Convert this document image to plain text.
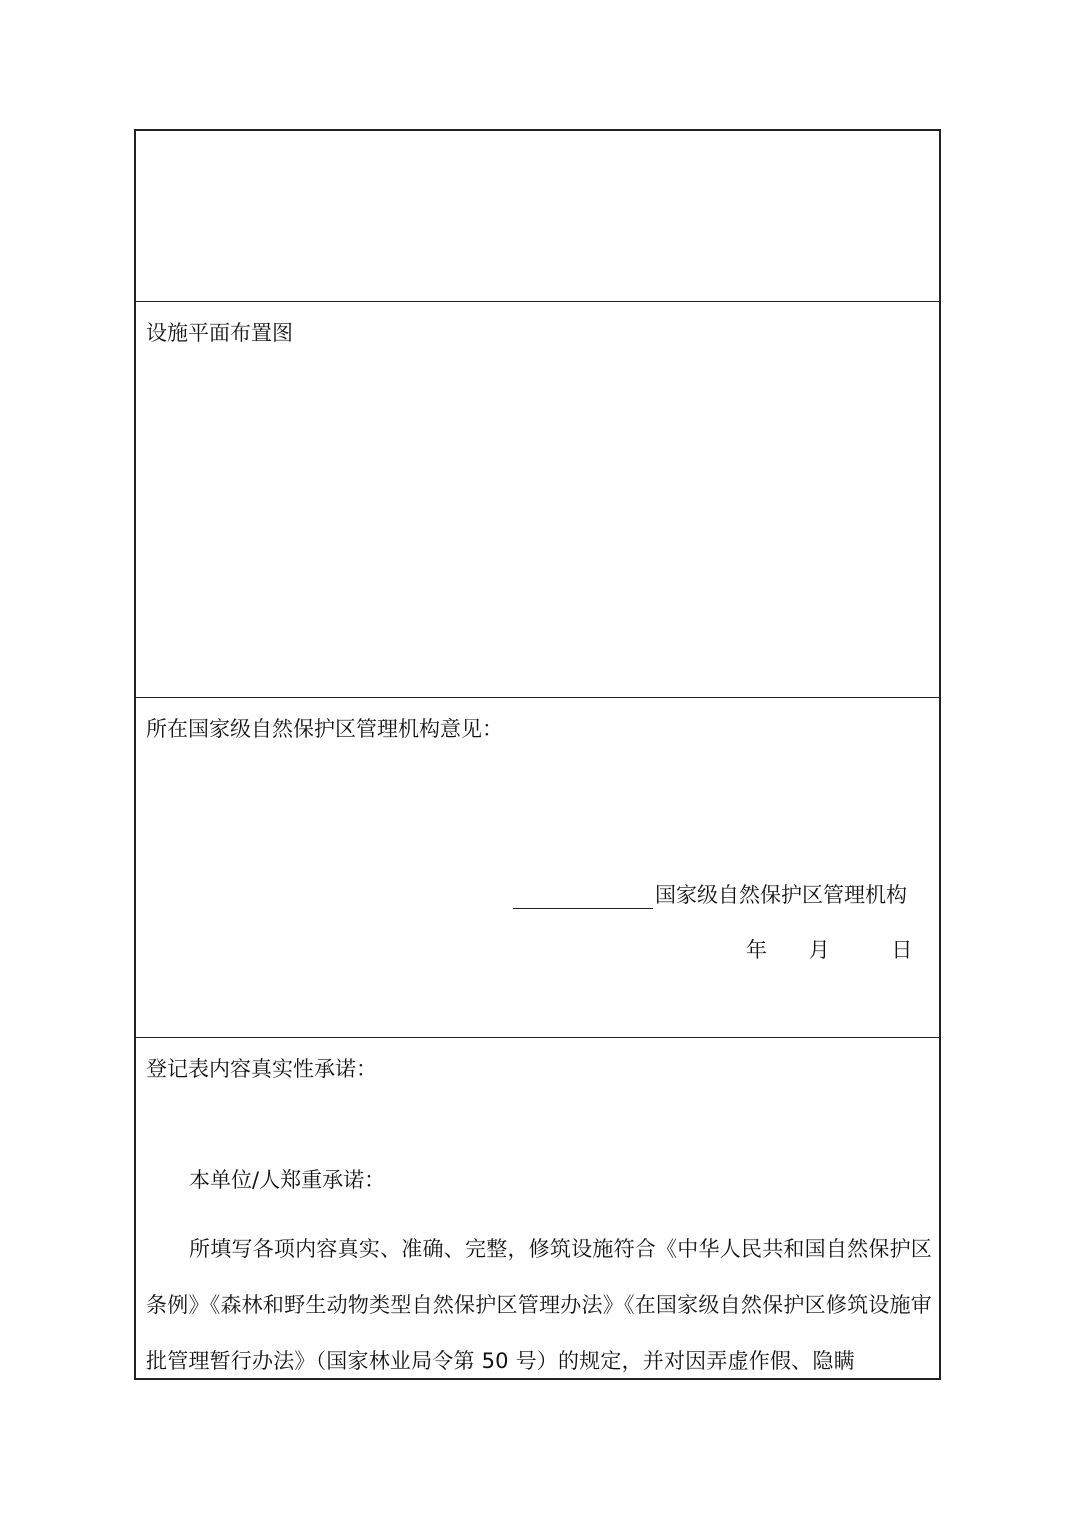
设施平面布置图
所在国家级自然保护区管理机构意见：
国家级自然保护区管理机构
年 月	日
登记表内容真实性承诺：
本单位/人郑重承诺：
所填写各项内容真实、准确、完整，修筑设施符合《中华人民共和国自然保护区条例》《森林和野生动物类型自然保护区管理办法》《在国家级自然保护区修筑设施审批管理暂行办法》（国家林业局令第 50 号）的规定，并对因弄虚作假、隐瞒
